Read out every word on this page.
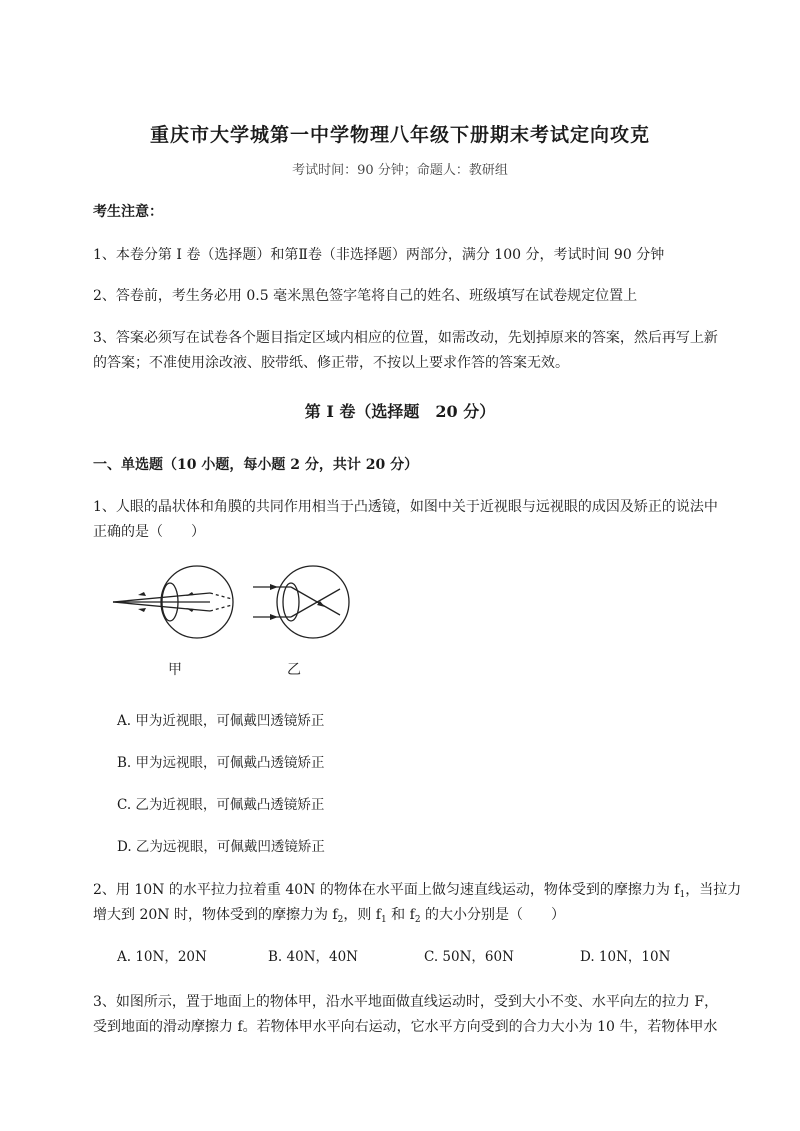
重庆市大学城第一中学物理八年级下册期末考试定向攻克
考试时间：90 分钟；命题人：教研组
考生注意：
1、本卷分第 I 卷（选择题）和第Ⅱ卷（非选择题）两部分，满分 100 分，考试时间 90 分钟
2、答卷前，考生务必用 0.5 毫米黑色签字笔将自己的姓名、班级填写在试卷规定位置上
3、答案必须写在试卷各个题目指定区域内相应的位置，如需改动，先划掉原来的答案，然后再写上新
的答案；不准使用涂改液、胶带纸、修正带，不按以上要求作答的答案无效。
第 I 卷（选择题　20 分）
一、单选题（10 小题，每小题 2 分，共计 20 分）
1、人眼的晶状体和角膜的共同作用相当于凸透镜，如图中关于近视眼与远视眼的成因及矫正的说法中
正确的是（　　）
甲	乙
A. 甲为近视眼，可佩戴凹透镜矫正
B. 甲为远视眼，可佩戴凸透镜矫正
C. 乙为近视眼，可佩戴凸透镜矫正
D. 乙为远视眼，可佩戴凹透镜矫正
2、用 10N 的水平拉力拉着重 40N 的物体在水平面上做匀速直线运动，物体受到的摩擦力为 $f_1$，当拉力
增大到 20N 时，物体受到的摩擦力为 $f_2$，则 $f_1$ 和 $f_2$ 的大小分别是（　　）
A. 10N，20N	B. 40N，40N	C. 50N，60N	D. 10N，10N
3、如图所示，置于地面上的物体甲，沿水平地面做直线运动时，受到大小不变、水平向左的拉力 F，
受到地面的滑动摩擦力 f。若物体甲水平向右运动，它水平方向受到的合力大小为 10 牛，若物体甲水
